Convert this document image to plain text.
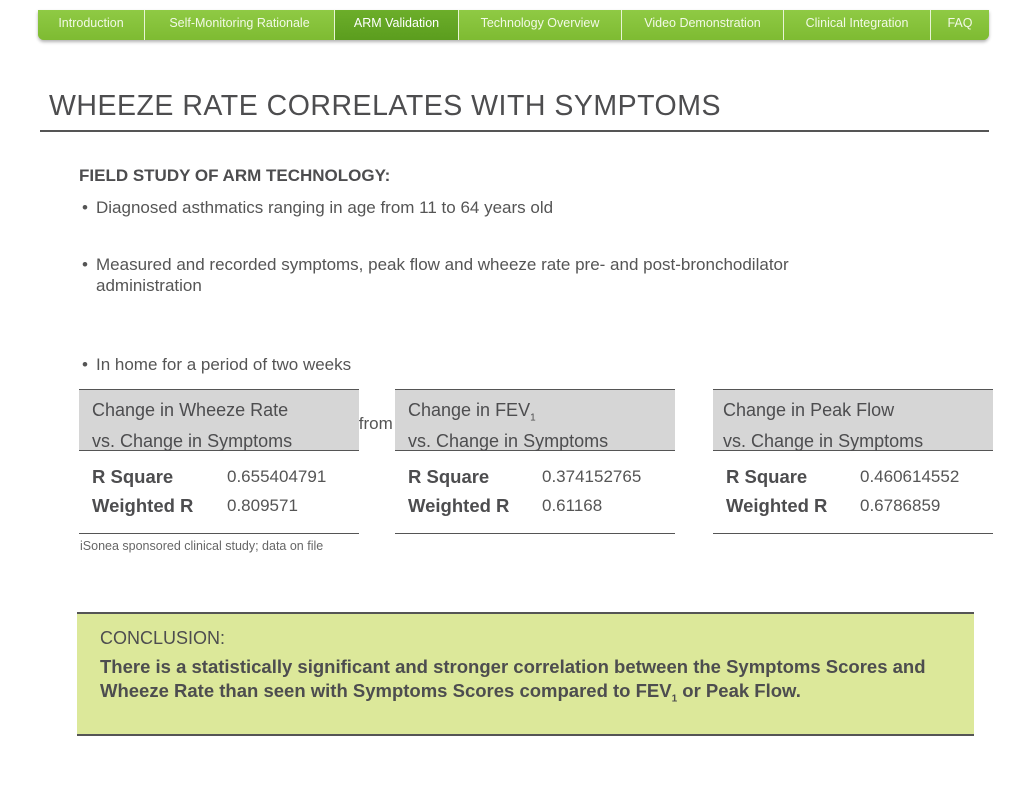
Introduction	Self-Monitoring Rationale	ARM Validation	Technology Overview	Video Demonstration	Clinical Integration	FAQ
WHEEZE RATE CORRELATES WITH SYMPTOMS
FIELD STUDY OF ARM TECHNOLOGY:
• Diagnosed asthmatics ranging in age from 11 to 64 years old
• Measured and recorded symptoms, peak flow and wheeze rate pre- and post-bronchodilator administration
• In home for a period of two weeks
• from
Change in Wheeze Rate
vs. Change in Symptoms
R Square	0.655404791
Weighted R 0.809571
Change in $FEV_1$
vs. Change in Symptoms
R Square	0.374152765
Weighted R 0.61168
Change in Peak Flow
vs. Change in Symptoms
R Square	0.460614552
Weighted R 0.6786859
iSonea sponsored clinical study; data on file
CONCLUSION:
There is a statistically significant and stronger correlation between the Symptoms Scores and Wheeze Rate than seen with Symptoms Scores compared to $FEV_1$ or Peak Flow.
